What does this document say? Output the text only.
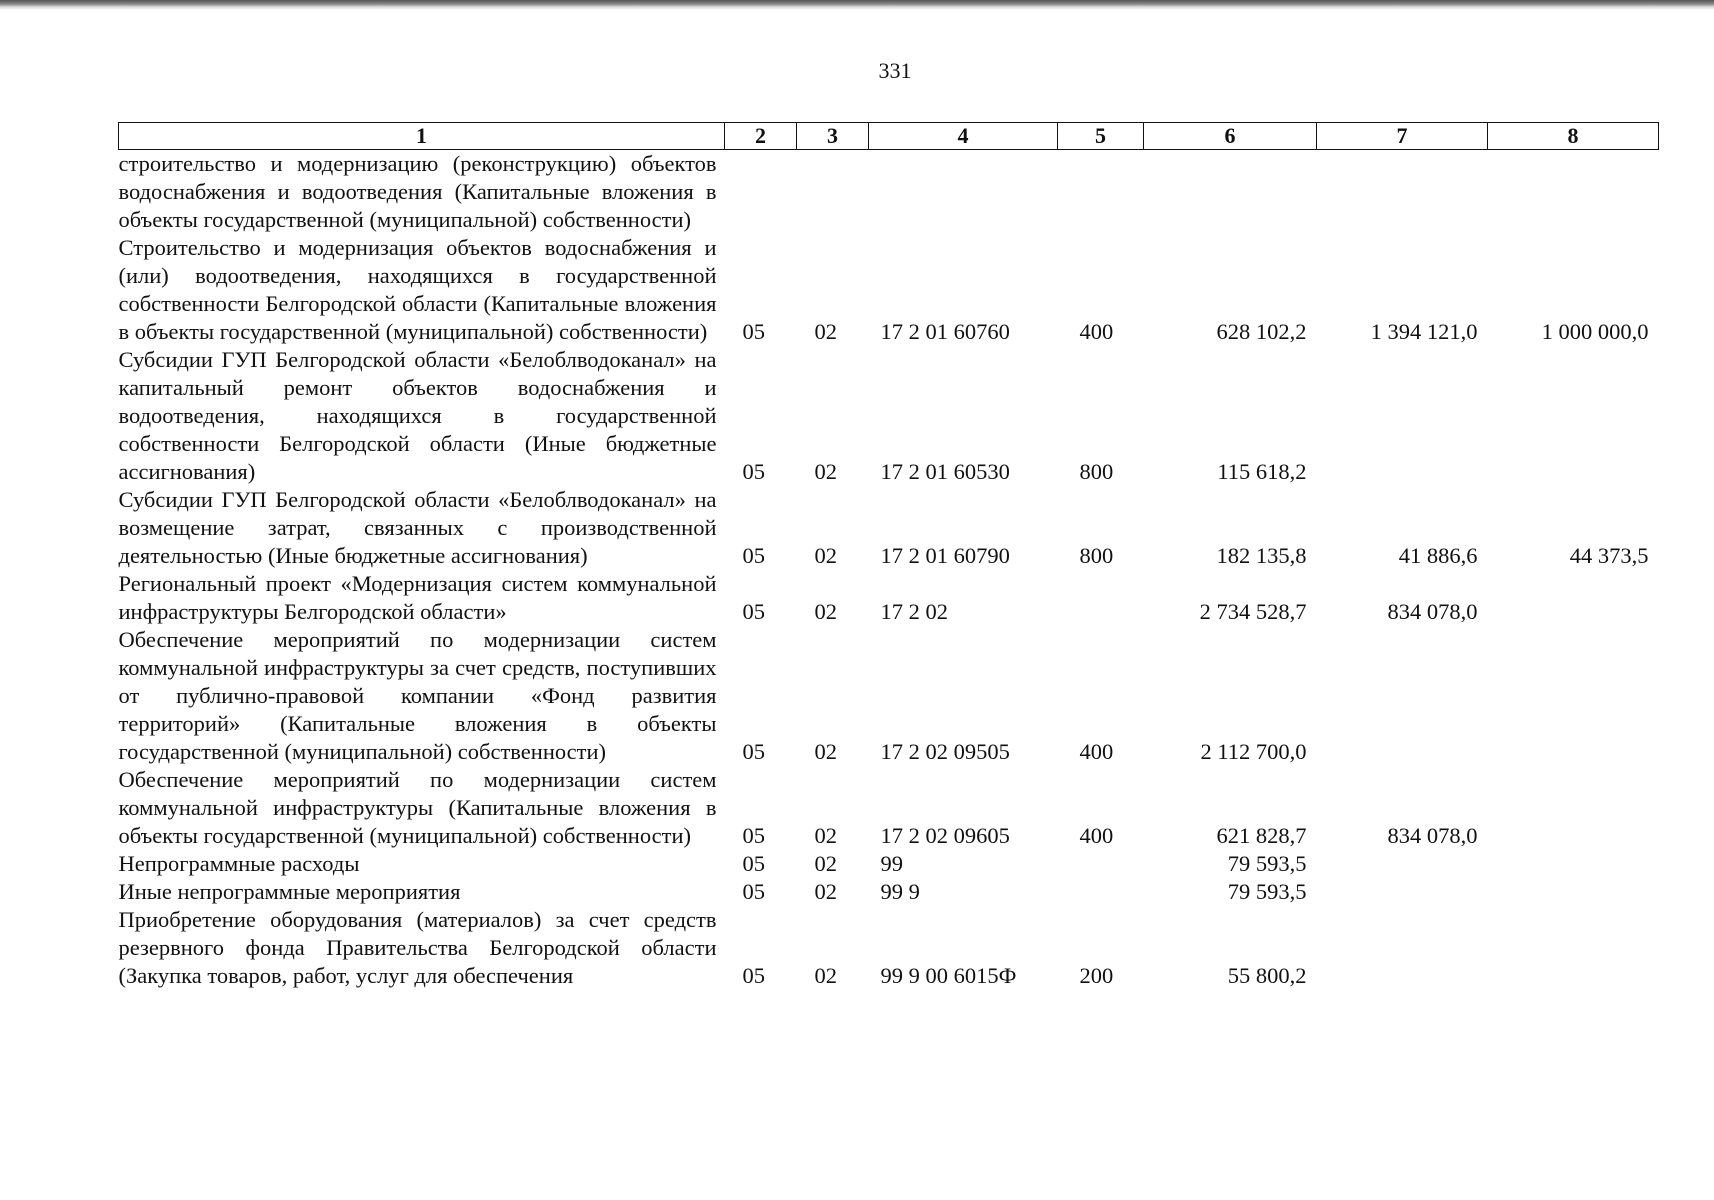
331
1	2	3	4	5	6	7	8
строительство и модернизацию (реконструкцию) объектов водоснабжения и водоотведения (Капитальные вложения в объекты государственной (муниципальной) собственности)							
Строительство и модернизация объектов водоснабжения и (или) водоотведения, находящихся в государственной собственности Белгородской области (Капитальные вложения в объекты государственной (муниципальной) собственности)	05	02	17 2 01 60760	400	628 102,2	1 394 121,0	1 000 000,0
Субсидии ГУП Белгородской области «Белоблводоканал» на капитальный ремонт объектов водоснабжения и водоотведения, находящихся в государственной собственности Белгородской области (Иные бюджетные ассигнования)	05	02	17 2 01 60530	800	115 618,2		
Субсидии ГУП Белгородской области «Белоблводоканал» на возмещение затрат, связанных с производственной деятельностью (Иные бюджетные ассигнования)	05	02	17 2 01 60790	800	182 135,8	41 886,6	44 373,5
Региональный проект «Модернизация систем коммунальной инфраструктуры Белгородской области»	05	02	17 2 02		2 734 528,7	834 078,0	
Обеспечение мероприятий по модернизации систем коммунальной инфраструктуры за счет средств, поступивших от публично-правовой компании «Фонд развития территорий» (Капитальные вложения в объекты государственной (муниципальной) собственности)	05	02	17 2 02 09505	400	2 112 700,0		
Обеспечение мероприятий по модернизации систем коммунальной инфраструктуры (Капитальные вложения в объекты государственной (муниципальной) собственности)	05	02	17 2 02 09605	400	621 828,7	834 078,0	
Непрограммные расходы	05	02	99		79 593,5		
Иные непрограммные мероприятия	05	02	99 9		79 593,5		
Приобретение оборудования (материалов) за счет средств резервного фонда Правительства Белгородской области (Закупка товаров, работ, услуг для обеспечения	05	02	99 9 00 6015Ф	200	55 800,2		
